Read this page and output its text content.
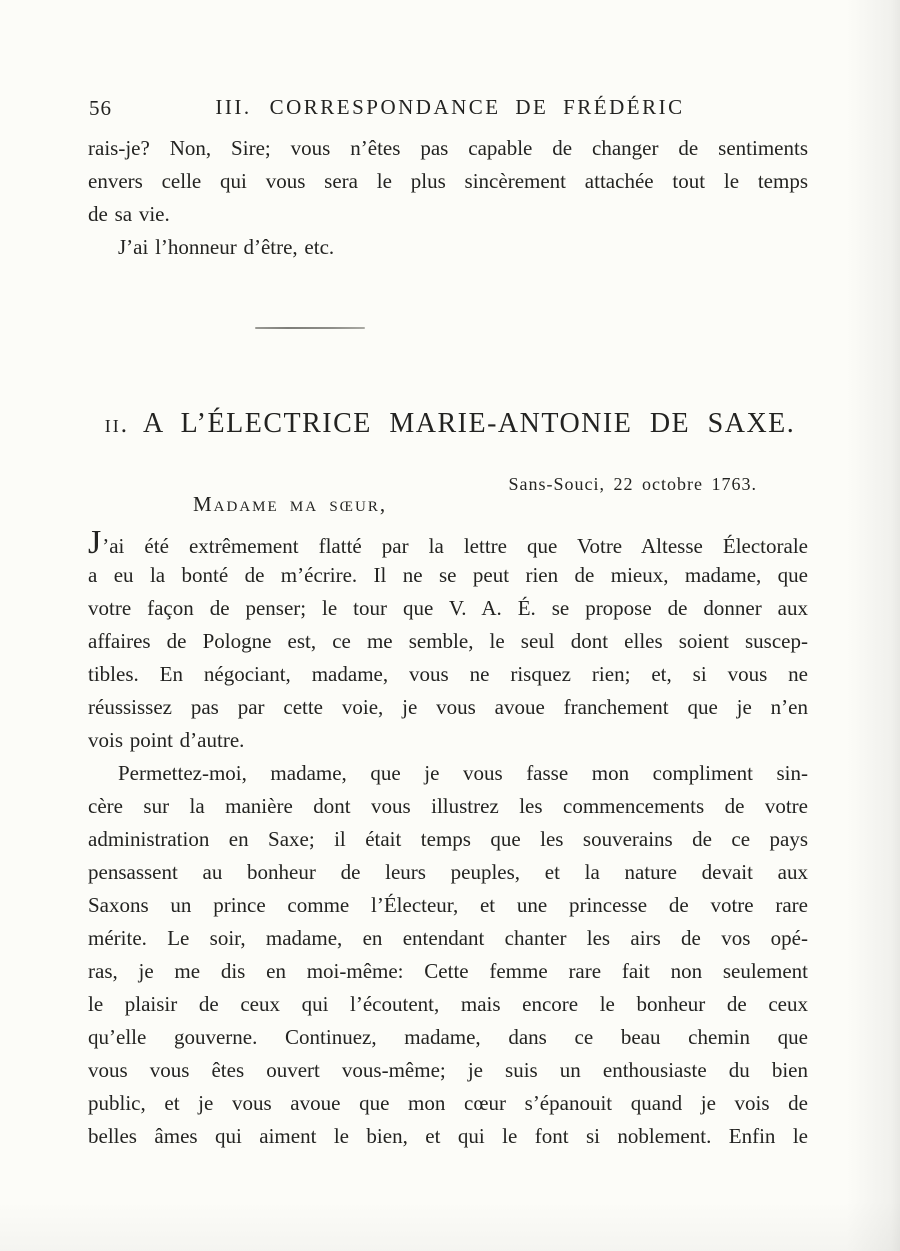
56	III. CORRESPONDANCE DE FRÉDÉRIC
rais-je? Non, Sire; vous n’êtes pas capable de changer de sentiments
envers celle qui vous sera le plus sincèrement attachée tout le temps
de sa vie.
J’ai l’honneur d’être, etc.
ii. A L’ÉLECTRICE MARIE-ANTONIE DE SAXE.
Sans-Souci, 22 octobre 1763.
Madame ma sœur,
J’ai été extrêmement flatté par la lettre que Votre Altesse Électorale
a eu la bonté de m’écrire. Il ne se peut rien de mieux, madame, que
votre façon de penser; le tour que V. A. É. se propose de donner aux
affaires de Pologne est, ce me semble, le seul dont elles soient suscep-
tibles. En négociant, madame, vous ne risquez rien; et, si vous ne
réussissez pas par cette voie, je vous avoue franchement que je n’en
vois point d’autre.
Permettez-moi, madame, que je vous fasse mon compliment sin-
cère sur la manière dont vous illustrez les commencements de votre
administration en Saxe; il était temps que les souverains de ce pays
pensassent au bonheur de leurs peuples, et la nature devait aux
Saxons un prince comme l’Électeur, et une princesse de votre rare
mérite. Le soir, madame, en entendant chanter les airs de vos opé-
ras, je me dis en moi-même: Cette femme rare fait non seulement
le plaisir de ceux qui l’écoutent, mais encore le bonheur de ceux
qu’elle gouverne. Continuez, madame, dans ce beau chemin que
vous vous êtes ouvert vous-même; je suis un enthousiaste du bien
public, et je vous avoue que mon cœur s’épanouit quand je vois de
belles âmes qui aiment le bien, et qui le font si noblement. Enfin le
